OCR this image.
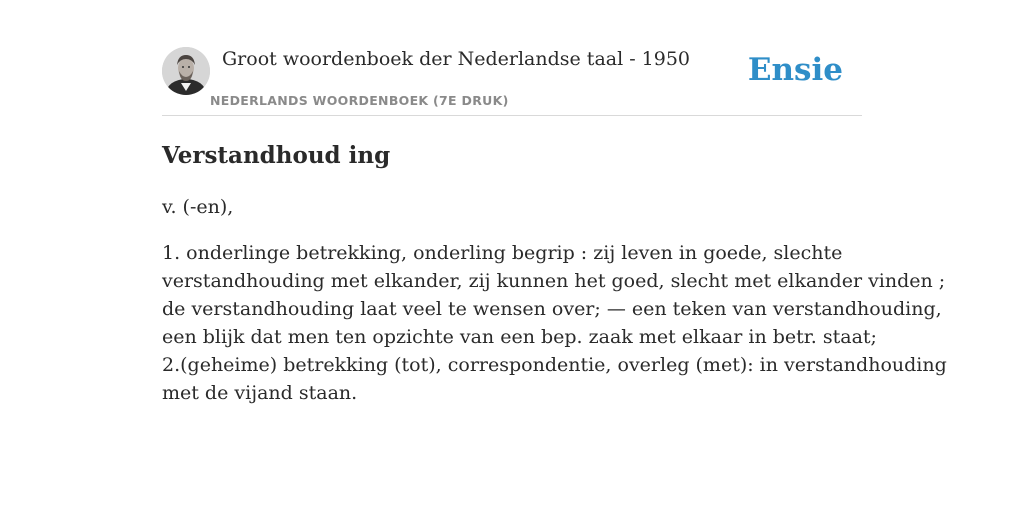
Groot woordenboek der Nederlandse taal - 1950
NEDERLANDS WOORDENBOEK (7E DRUK)
Ensie
Verstandhoud ing

v. (-en),

1. onderlinge betrekking, onderling begrip : zij leven in goede, slechte
verstandhouding met elkander, zij kunnen het goed, slecht met elkander vinden ;
de verstandhouding laat veel te wensen over; — een teken van verstandhouding,
een blijk dat men ten opzichte van een bep. zaak met elkaar in betr. staat;
2.(geheime) betrekking (tot), correspondentie, overleg (met): in verstandhouding
met de vijand staan.
